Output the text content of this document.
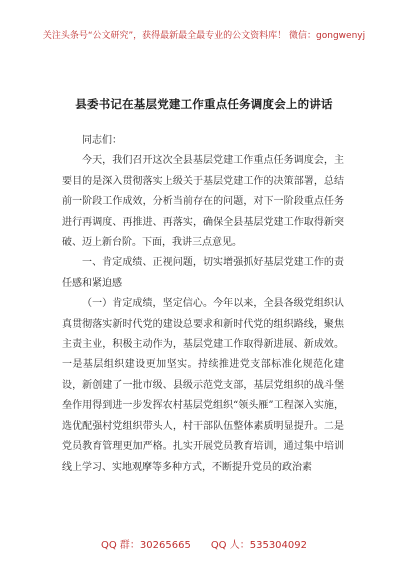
关注头条号“公文研究”，获得最新最全最专业的公文资料库！ 微信：gongwenyj
县委书记在基层党建工作重点任务调度会上的讲话

同志们：

今天，我们召开这次全县基层党建工作重点任务调度会，主要目的是深入贯彻落实上级关于基层党建工作的决策部署，总结前一阶段工作成效，分析当前存在的问题，对下一阶段重点任务进行再调度、再推进、再落实，确保全县基层党建工作取得新突破、迈上新台阶。下面，我讲三点意见。

一、肯定成绩、正视问题，切实增强抓好基层党建工作的责任感和紧迫感

（一）肯定成绩，坚定信心。今年以来，全县各级党组织认真贯彻落实新时代党的建设总要求和新时代党的组织路线，聚焦主责主业，积极主动作为，基层党建工作取得新进展、新成效。一是基层组织建设更加坚实。持续推进党支部标准化规范化建设，新创建了一批市级、县级示范党支部，基层党组织的战斗堡垒作用得到进一步发挥农村基层党组织“领头雁”工程深入实施，选优配强村党组织带头人，村干部队伍整体素质明显提升。二是党员教育管理更加严格。扎实开展党员教育培训，通过集中培训线上学习、实地观摩等多种方式，不断提升党员的政治素

QQ 群：30265665 QQ 人：535304092
